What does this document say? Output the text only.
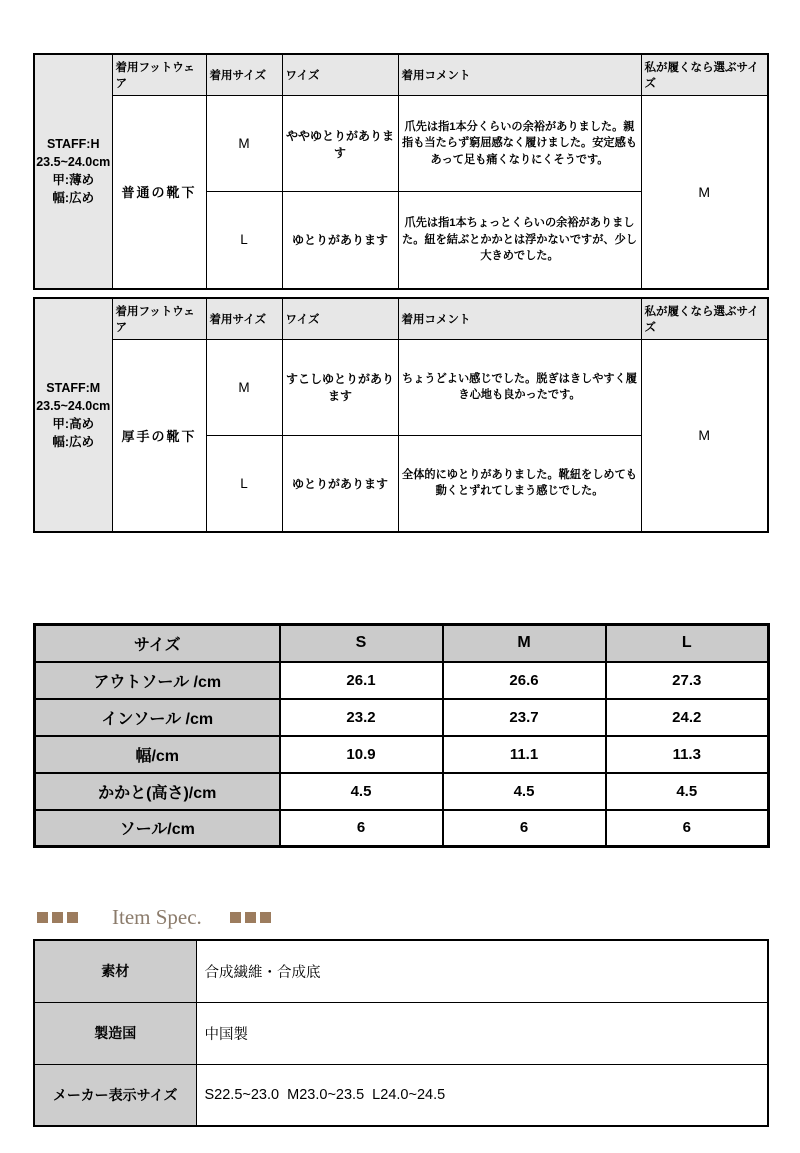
STAFF:H
23.5~24.0cm
甲:薄め
幅:広め	着用フットウェア	着用サイズ	ワイズ	着用コメント	私が履くなら選ぶサイズ
	普通の靴下	M	ややゆとりがあります	爪先は指1本分くらいの余裕がありました。親指も当たらず窮屈感なく履けました。安定感もあって足も痛くなりにくそうです。	M
		L	ゆとりがあります	爪先は指1本ちょっとくらいの余裕がありました。紐を結ぶとかかとは浮かないですが、少し大きめでした。	
STAFF:M
23.5~24.0cm
甲:高め
幅:広め	着用フットウェア	着用サイズ	ワイズ	着用コメント	私が履くなら選ぶサイズ
	厚手の靴下	M	すこしゆとりがあります	ちょうどよい感じでした。脱ぎはきしやすく履き心地も良かったです。	M
		L	ゆとりがあります	全体的にゆとりがありました。靴紐をしめても動くとずれてしまう感じでした。	
サイズ	S	M	L
アウトソール /cm	26.1	26.6	27.3
インソール /cm	23.2	23.7	24.2
幅/cm	10.9	11.1	11.3
かかと(高さ)/cm	4.5	4.5	4.5
ソール/cm	6	6	6
Item Spec.
素材	合成繊維・合成底
製造国	中国製
メーカー表示サイズ	S22.5~23.0  M23.0~23.5  L24.0~24.5
